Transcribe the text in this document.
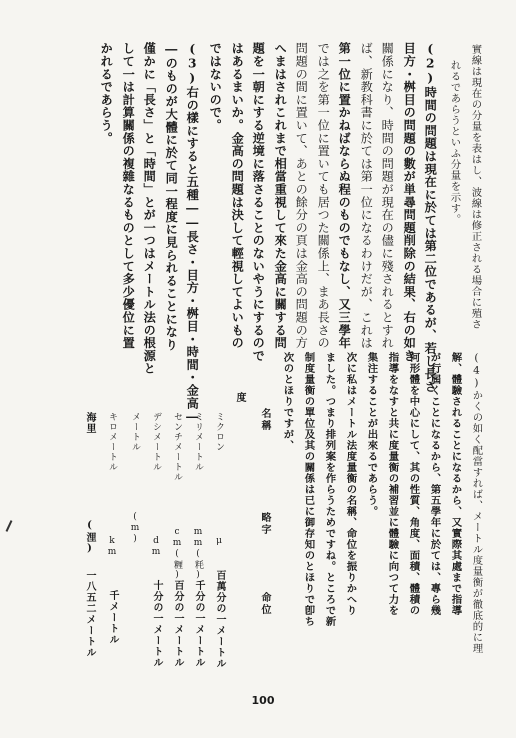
實線は現在の分量を表はし、波線は修正される場合に殖さ
れるであらうといふ分量を示す。
(2)時間の問題は現在に於ては第二位であるが、若し長さ
目方・桝目の問題の數が単尋問題削除の結果、右の如き
關係になり、時間の問題が現在の儘に殘されるとすれ
ば、新教科書に於ては第一位になるわけだが、これは
第一位に置かねばならぬ程のものでもなし、又三學年
では之を第一位に置いても居つた關係上、まあ長さの
問題の間に置いて、あとの餘分の頁は金高の問題の方
へまはされこれまで相當重視して來た金高に關する問
題を一朝にする逆境に落さることのないやうにするので
はあるまいか。金高の問題は決して輕視してよいもの
ではないので。
(3)右の樣にすると五種――長さ・目方・桝目・時間・金高―
―のものが大體に於て同一程度に見られることになり
僅かに「長さ」と「時間」とが一つはメートル法の根源と
して一は計算關係の複雜なるものとして多少優位に置
かれるであらう。
(4)かくの如く配當すれば、メートル度量衡が徹底的に理
解、體驗されることになるから、又實際其處まで指導
が行屆くことになるから、第五學年に於ては、專ら幾
何形體を中心にして、其の性質、角度、面積、體積の
指導をなすと共に度量衡の補習並に體驗に向つて力を
集注することが出來るであらう。
次に私はメートル法度量衡の名稱、命位を振りかへり
ました。つまり排列案を作らうためですね。ところで新
制度量衡の單位及其の關係は已に御存知のとほりで卽ち
次のとほりですが、
名稱
略字
命位
度
ミクロン
μ
百萬分の一メートル
ミリメートル
mm(粍)
千分の一メートル
センチメートル
cm(糎)
百分の一メートル
デシメートル
dm
十分の一メートル
メートル
(m)
キロメートル
km
千メートル
海里
(浬)
一八五二メートル
100
